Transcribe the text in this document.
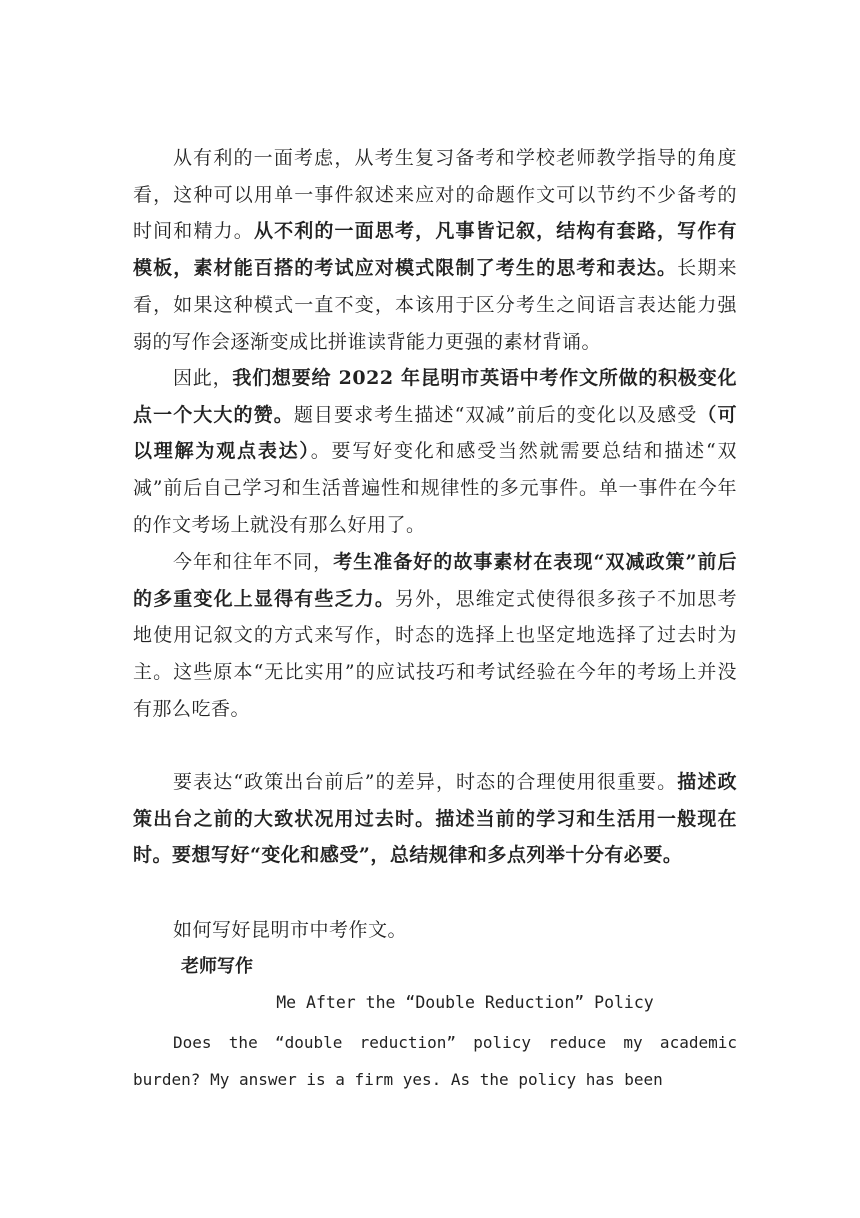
从有利的一面考虑，从考生复习备考和学校老师教学指导的角度看，这种可以用单一事件叙述来应对的命题作文可以节约不少备考的时间和精力。从不利的一面思考，凡事皆记叙，结构有套路，写作有模板，素材能百搭的考试应对模式限制了考生的思考和表达。长期来看，如果这种模式一直不变，本该用于区分考生之间语言表达能力强弱的写作会逐渐变成比拼谁读背能力更强的素材背诵。

因此，我们想要给 2022 年昆明市英语中考作文所做的积极变化点一个大大的赞。题目要求考生描述“双减”前后的变化以及感受（可以理解为观点表达）。要写好变化和感受当然就需要总结和描述“双减”前后自己学习和生活普遍性和规律性的多元事件。单一事件在今年的作文考场上就没有那么好用了。

今年和往年不同，考生准备好的故事素材在表现“双减政策”前后的多重变化上显得有些乏力。另外，思维定式使得很多孩子不加思考地使用记叙文的方式来写作，时态的选择上也坚定地选择了过去时为主。这些原本“无比实用”的应试技巧和考试经验在今年的考场上并没有那么吃香。

要表达“政策出台前后”的差异，时态的合理使用很重要。描述政策出台之前的大致状况用过去时。描述当前的学习和生活用一般现在时。要想写好“变化和感受”，总结规律和多点列举十分有必要。

如何写好昆明市中考作文。

老师写作

Me After the “Double Reduction” Policy

Does the “double reduction” policy reduce my academic burden? My answer is a firm yes. As the policy has been
